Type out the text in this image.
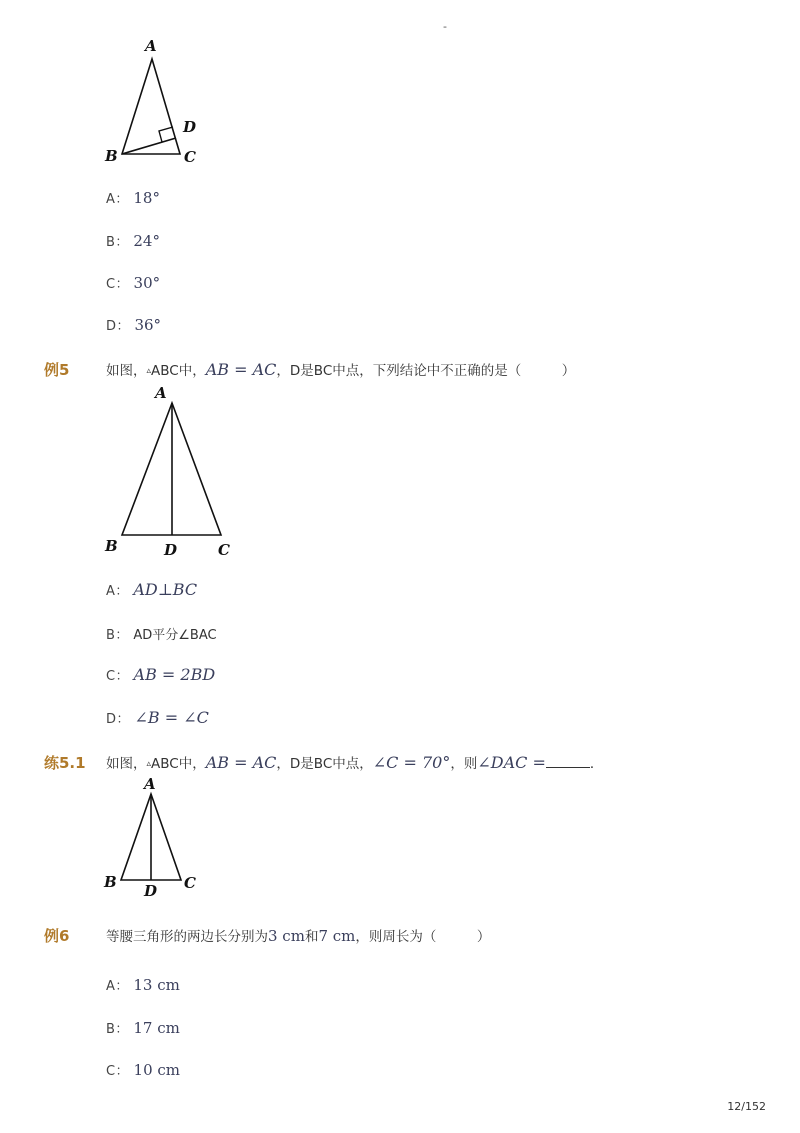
-
A
D
B	C
A： 18°
B： 24°
C： 30°
D： 36°
例5	如图，▵ABC中，AB = AC，D是BC中点，下列结论中不正确的是（　　　）
A
B	D	C
A： AD⊥BC
B： AD平分∠BAC
C： AB = 2BD
D： ∠B = ∠C
练5.1 如图，▵ABC中，AB = AC，D是BC中点，∠C = 70°，则∠DAC =	．
A
B D C
例6	等腰三角形的两边长分别为3 cm和7 cm，则周长为（　　　）
A： 13 cm
B： 17 cm
C： 10 cm
12/152
